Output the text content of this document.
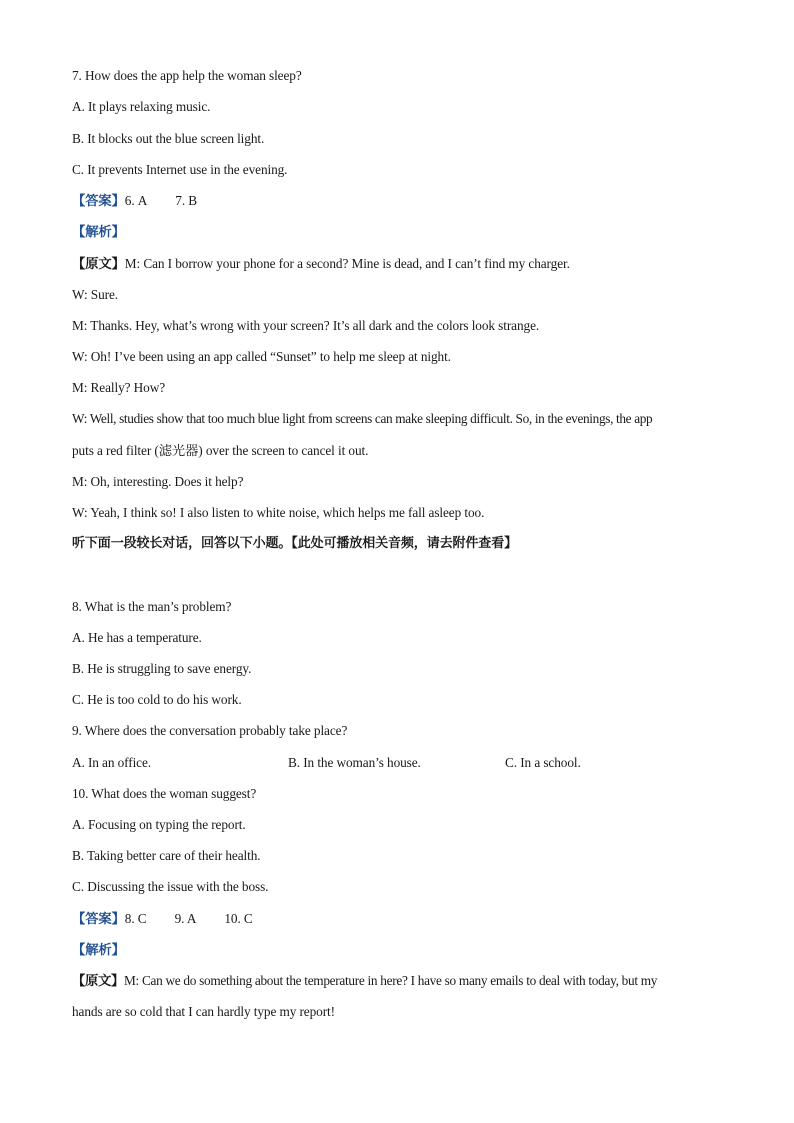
7. How does the app help the woman sleep?
A. It plays relaxing music.
B. It blocks out the blue screen light.
C. It prevents Internet use in the evening.
【答案】6. A 7. B
【解析】
【原文】M: Can I borrow your phone for a second? Mine is dead, and I can’t find my charger.
W: Sure.
M: Thanks. Hey, what’s wrong with your screen? It’s all dark and the colors look strange.
W: Oh! I’ve been using an app called “Sunset” to help me sleep at night.
M: Really? How?
W: Well, studies show that too much blue light from screens can make sleeping difficult. So, in the evenings, the app
puts a red filter (滤光器) over the screen to cancel it out.
M: Oh, interesting. Does it help?
W: Yeah, I think so! I also listen to white noise, which helps me fall asleep too.
听下面一段较长对话，回答以下小题。【此处可播放相关音频，请去附件查看】
8. What is the man’s problem?
A. He has a temperature.
B. He is struggling to save energy.
C. He is too cold to do his work.
9. Where does the conversation probably take place?
A. In an office.	B. In the woman’s house.	C. In a school.
10. What does the woman suggest?
A. Focusing on typing the report.
B. Taking better care of their health.
C. Discussing the issue with the boss.
【答案】8. C 9. A 10. C
【解析】
【原文】M: Can we do something about the temperature in here? I have so many emails to deal with today, but my
hands are so cold that I can hardly type my report!
